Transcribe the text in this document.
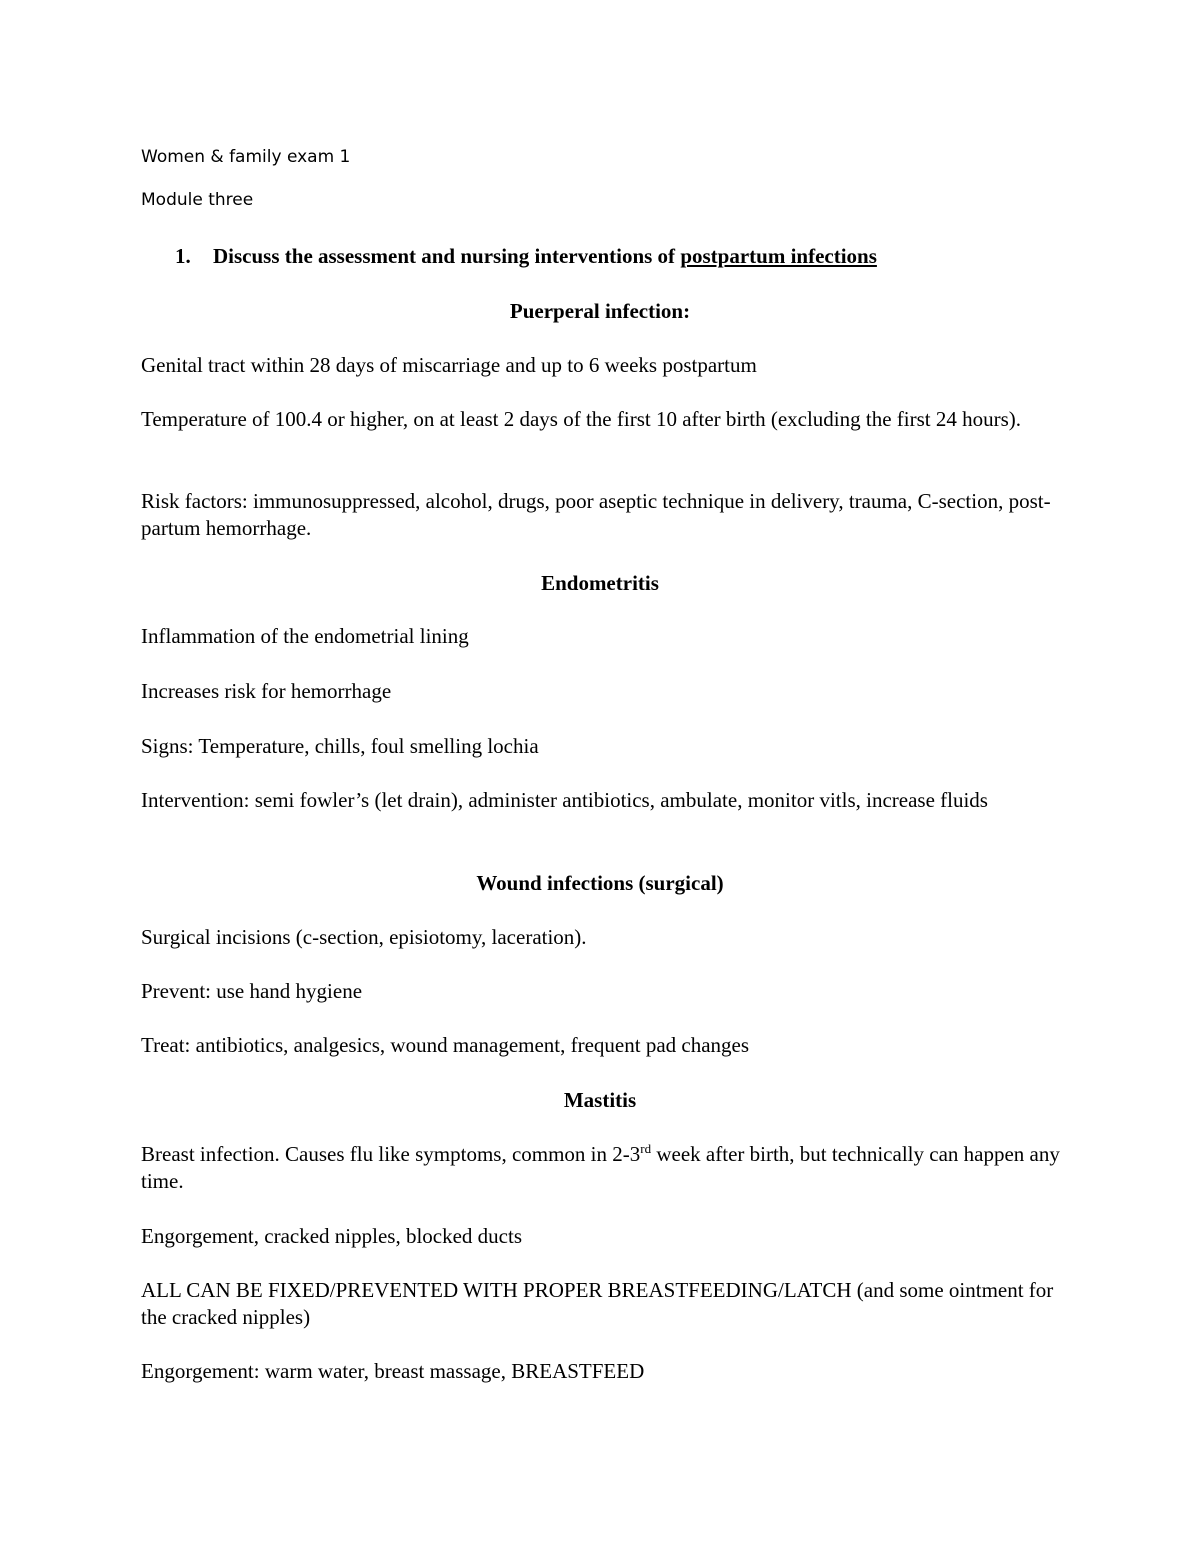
Women & family exam 1
Module three
1. Discuss the assessment and nursing interventions of postpartum infections
Puerperal infection:
Genital tract within 28 days of miscarriage and up to 6 weeks postpartum
Temperature of 100.4 or higher, on at least 2 days of the first 10 after birth (excluding the first 24 hours).
Risk factors: immunosuppressed, alcohol, drugs, poor aseptic technique in delivery, trauma, C-section, post-partum hemorrhage.
Endometritis
Inflammation of the endometrial lining
Increases risk for hemorrhage
Signs: Temperature, chills, foul smelling lochia
Intervention: semi fowler’s (let drain), administer antibiotics, ambulate, monitor vitls, increase fluids
Wound infections (surgical)
Surgical incisions (c-section, episiotomy, laceration).
Prevent: use hand hygiene
Treat: antibiotics, analgesics, wound management, frequent pad changes
Mastitis
Breast infection. Causes flu like symptoms, common in 2-3rd week after birth, but technically can happen any time.
Engorgement, cracked nipples, blocked ducts
ALL CAN BE FIXED/PREVENTED WITH PROPER BREASTFEEDING/LATCH (and some ointment for the cracked nipples)
Engorgement: warm water, breast massage, BREASTFEED
